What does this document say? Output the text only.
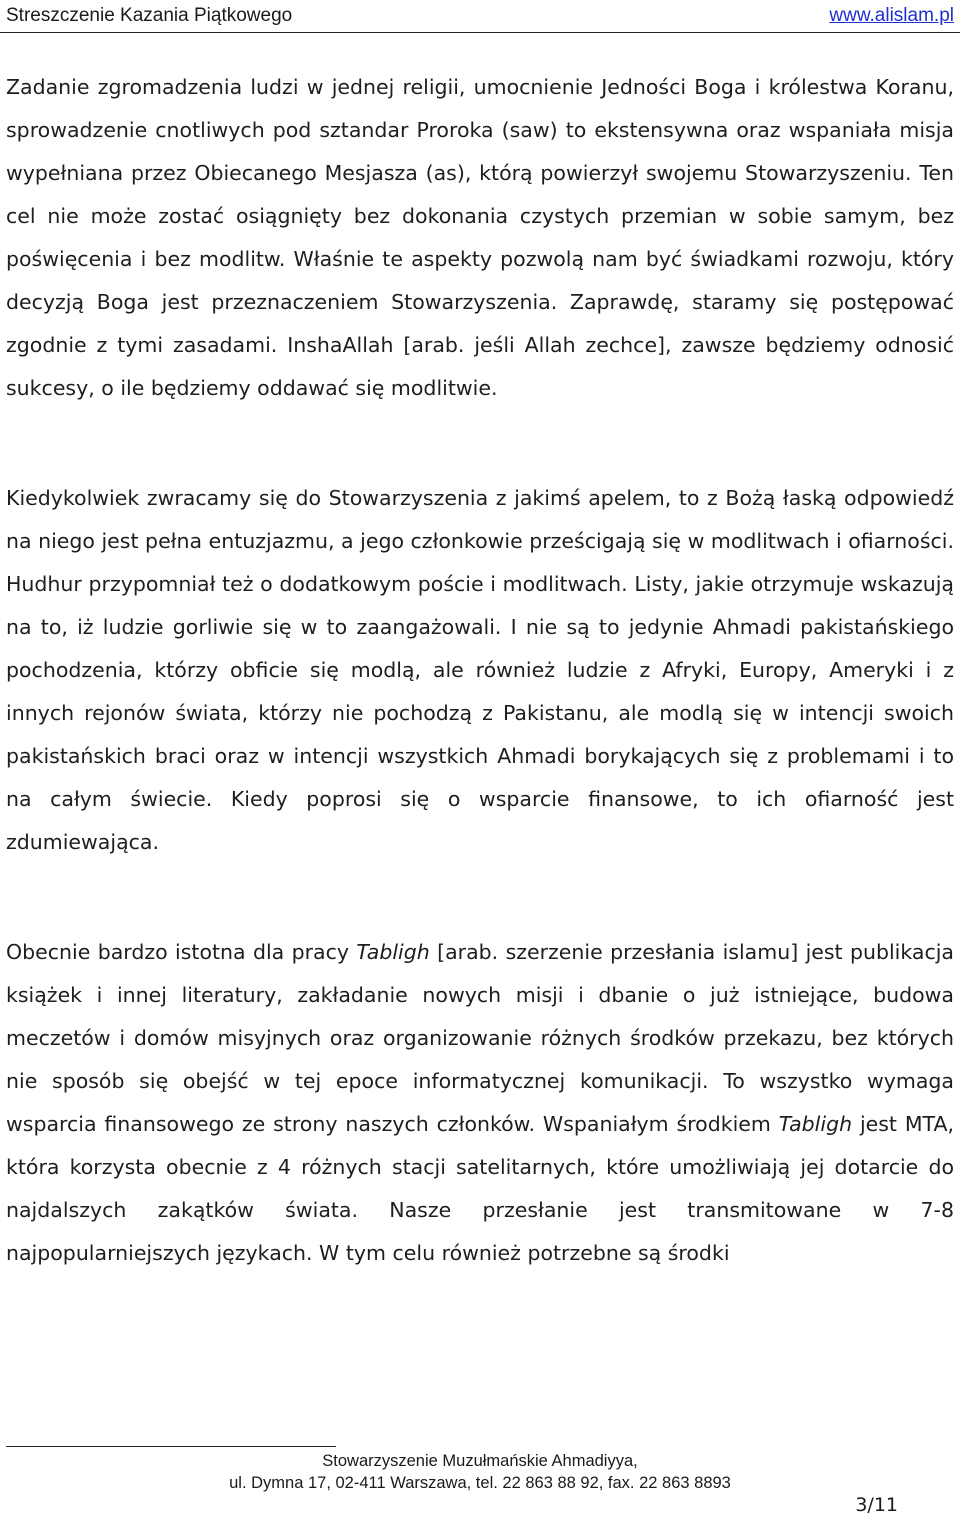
Streszczenie Kazania Piątkowego	www.alislam.pl

Zadanie zgromadzenia ludzi w jednej religii, umocnienie Jedności Boga i królestwa Koranu, sprowadzenie cnotliwych pod sztandar Proroka (saw) to ekstensywna oraz wspaniała misja wypełniana przez Obiecanego Mesjasza (as), którą powierzył swojemu Stowarzyszeniu. Ten cel nie może zostać osiągnięty bez dokonania czystych przemian w sobie samym, bez poświęcenia i bez modlitw. Właśnie te aspekty pozwolą nam być świadkami rozwoju, który decyzją Boga jest przeznaczeniem Stowarzyszenia. Zaprawdę, staramy się postępować zgodnie z tymi zasadami. InshaAllah [arab. jeśli Allah zechce], zawsze będziemy odnosić sukcesy, o ile będziemy oddawać się modlitwie.

Kiedykolwiek zwracamy się do Stowarzyszenia z jakimś apelem, to z Bożą łaską odpowiedź na niego jest pełna entuzjazmu, a jego członkowie prześcigają się w modlitwach i ofiarności. Hudhur przypomniał też o dodatkowym poście i modlitwach. Listy, jakie otrzymuje wskazują na to, iż ludzie gorliwie się w to zaangażowali. I nie są to jedynie Ahmadi pakistańskiego pochodzenia, którzy obficie się modlą, ale również ludzie z Afryki, Europy, Ameryki i z innych rejonów świata, którzy nie pochodzą z Pakistanu, ale modlą się w intencji swoich pakistańskich braci oraz w intencji wszystkich Ahmadi borykających się z problemami i to na całym świecie. Kiedy poprosi się o wsparcie finansowe, to ich ofiarność jest zdumiewająca.

Obecnie bardzo istotna dla pracy Tabligh [arab. szerzenie przesłania islamu] jest publikacja książek i innej literatury, zakładanie nowych misji i dbanie o już istniejące, budowa meczetów i domów misyjnych oraz organizowanie różnych środków przekazu, bez których nie sposób się obejść w tej epoce informatycznej komunikacji. To wszystko wymaga wsparcia finansowego ze strony naszych członków. Wspaniałym środkiem Tabligh jest MTA, która korzysta obecnie z 4 różnych stacji satelitarnych, które umożliwiają jej dotarcie do najdalszych zakątków świata. Nasze przesłanie jest transmitowane w 7-8 najpopularniejszych językach. W tym celu również potrzebne są środki

Stowarzyszenie Muzułmańskie Ahmadiyya,
ul. Dymna 17, 02-411 Warszawa, tel. 22 863 88 92, fax. 22 863 8893
3/11
